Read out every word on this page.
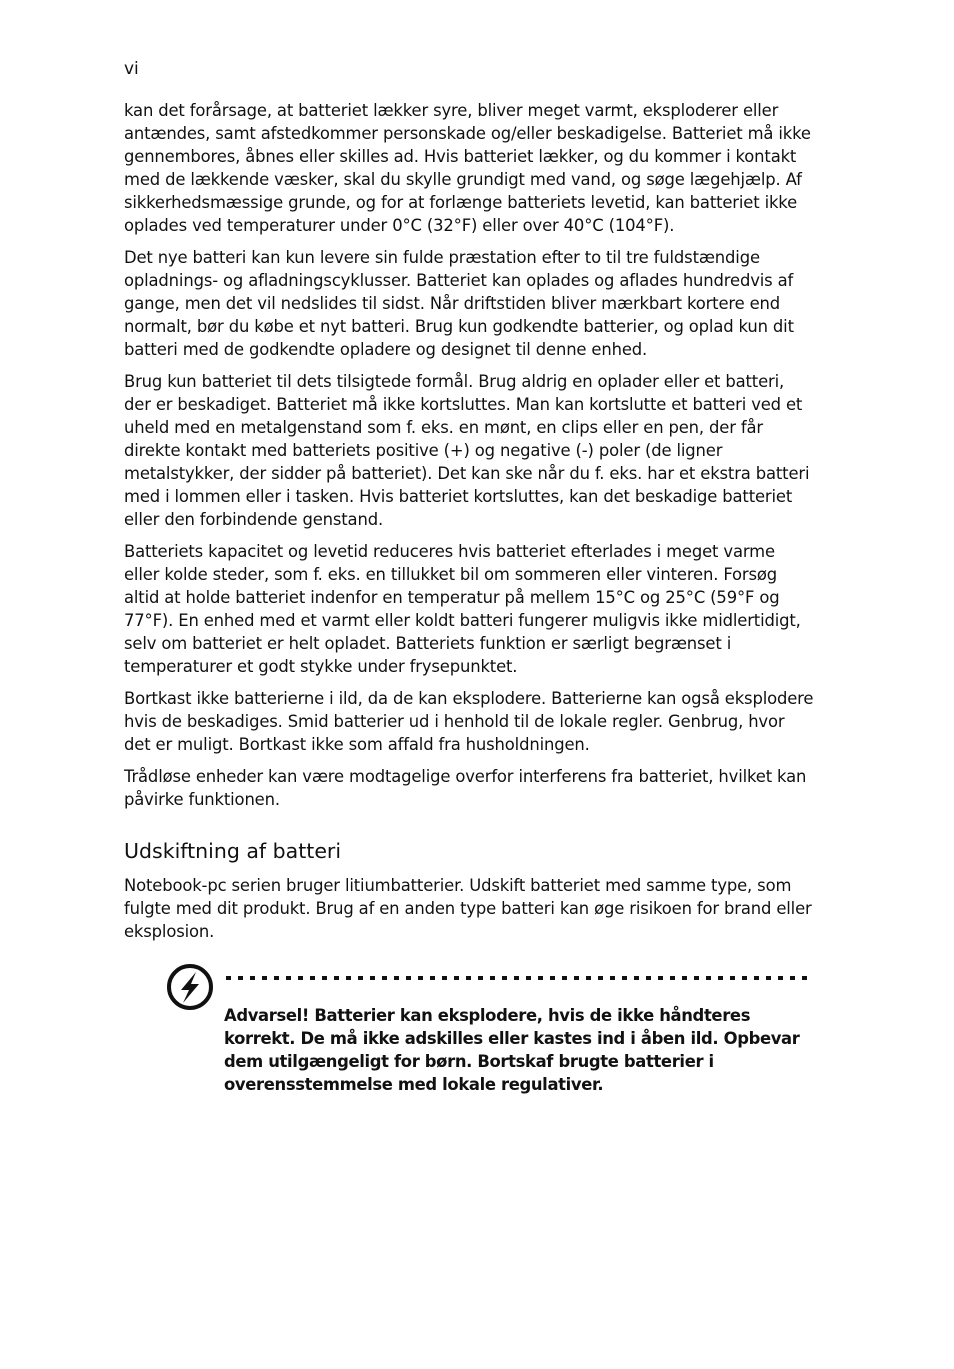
vi

kan det forårsage, at batteriet lækker syre, bliver meget varmt, eksploderer eller antændes, samt afstedkommer personskade og/eller beskadigelse. Batteriet må ikke gennembores, åbnes eller skilles ad. Hvis batteriet lækker, og du kommer i kontakt med de lækkende væsker, skal du skylle grundigt med vand, og søge lægehjælp. Af sikkerhedsmæssige grunde, og for at forlænge batteriets levetid, kan batteriet ikke oplades ved temperaturer under 0°C (32°F) eller over 40°C (104°F).

Det nye batteri kan kun levere sin fulde præstation efter to til tre fuldstændige opladnings- og afladningscyklusser. Batteriet kan oplades og aflades hundredvis af gange, men det vil nedslides til sidst. Når driftstiden bliver mærkbart kortere end normalt, bør du købe et nyt batteri. Brug kun godkendte batterier, og oplad kun dit batteri med de godkendte opladere og designet til denne enhed.

Brug kun batteriet til dets tilsigtede formål. Brug aldrig en oplader eller et batteri, der er beskadiget. Batteriet må ikke kortsluttes. Man kan kortslutte et batteri ved et uheld med en metalgenstand som f. eks. en mønt, en clips eller en pen, der får direkte kontakt med batteriets positive (+) og negative (-) poler (de ligner metalstykker, der sidder på batteriet). Det kan ske når du f. eks. har et ekstra batteri med i lommen eller i tasken. Hvis batteriet kortsluttes, kan det beskadige batteriet eller den forbindende genstand.

Batteriets kapacitet og levetid reduceres hvis batteriet efterlades i meget varme eller kolde steder, som f. eks. en tillukket bil om sommeren eller vinteren. Forsøg altid at holde batteriet indenfor en temperatur på mellem 15°C og 25°C (59°F og 77°F). En enhed med et varmt eller koldt batteri fungerer muligvis ikke midlertidigt, selv om batteriet er helt opladet. Batteriets funktion er særligt begrænset i temperaturer et godt stykke under frysepunktet.

Bortkast ikke batterierne i ild, da de kan eksplodere. Batterierne kan også eksplodere hvis de beskadiges. Smid batterier ud i henhold til de lokale regler. Genbrug, hvor det er muligt. Bortkast ikke som affald fra husholdningen.

Trådløse enheder kan være modtagelige overfor interferens fra batteriet, hvilket kan påvirke funktionen.

Udskiftning af batteri

Notebook-pc serien bruger litiumbatterier. Udskift batteriet med samme type, som fulgte med dit produkt. Brug af en anden type batteri kan øge risikoen for brand eller eksplosion.

Advarsel! Batterier kan eksplodere, hvis de ikke håndteres korrekt. De må ikke adskilles eller kastes ind i åben ild. Opbevar dem utilgængeligt for børn. Bortskaf brugte batterier i overensstemmelse med lokale regulativer.
